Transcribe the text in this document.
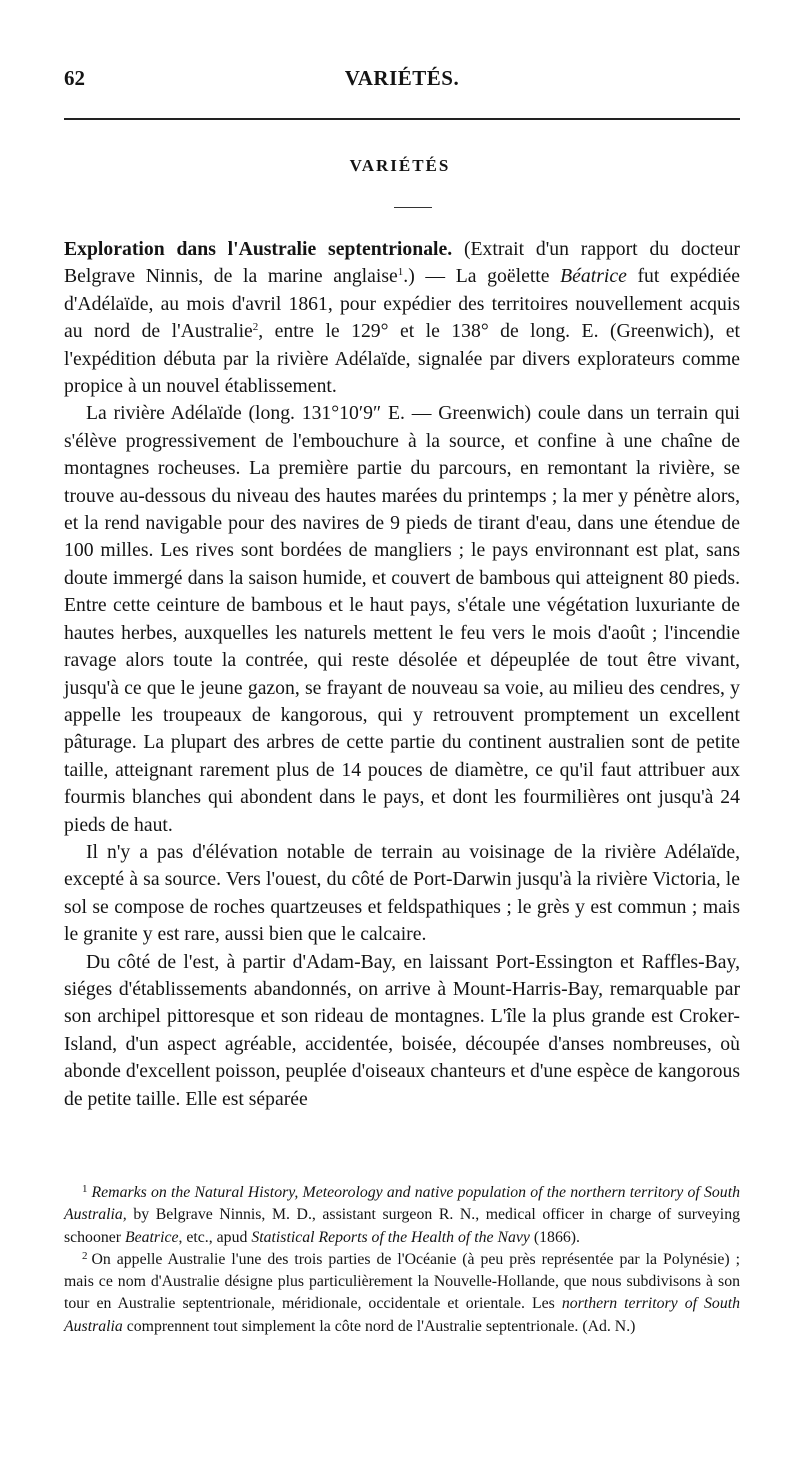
62	VARIÉTÉS.
VARIÉTÉS

Exploration dans l'Australie septentrionale. (Extrait d'un rapport du docteur Belgrave Ninnis, de la marine anglaise$^1$.) — La goëlette Béatrice fut expédiée d'Adélaïde, au mois d'avril 1861, pour expédier des territoires nouvellement acquis au nord de l'Australie$^2$, entre le 129° et le 138° de long. E. (Greenwich), et l'expédition débuta par la rivière Adélaïde, signalée par divers explorateurs comme propice à un nouvel établissement.

La rivière Adélaïde (long. 131°10′9″ E. — Greenwich) coule dans un terrain qui s'élève progressivement de l'embouchure à la source, et confine à une chaîne de montagnes rocheuses. La première partie du parcours, en remontant la rivière, se trouve au-dessous du niveau des hautes marées du printemps ; la mer y pénètre alors, et la rend navigable pour des navires de 9 pieds de tirant d'eau, dans une étendue de 100 milles. Les rives sont bordées de mangliers ; le pays environnant est plat, sans doute immergé dans la saison humide, et couvert de bambous qui atteignent 80 pieds. Entre cette ceinture de bambous et le haut pays, s'étale une végétation luxuriante de hautes herbes, auxquelles les naturels mettent le feu vers le mois d'août ; l'incendie ravage alors toute la contrée, qui reste désolée et dépeuplée de tout être vivant, jusqu'à ce que le jeune gazon, se frayant de nouveau sa voie, au milieu des cendres, y appelle les troupeaux de kangorous, qui y retrouvent promptement un excellent pâturage. La plupart des arbres de cette partie du continent australien sont de petite taille, atteignant rarement plus de 14 pouces de diamètre, ce qu'il faut attribuer aux fourmis blanches qui abondent dans le pays, et dont les fourmilières ont jusqu'à 24 pieds de haut.

Il n'y a pas d'élévation notable de terrain au voisinage de la rivière Adélaïde, excepté à sa source. Vers l'ouest, du côté de Port-Darwin jusqu'à la rivière Victoria, le sol se compose de roches quartzeuses et feldspathiques ; le grès y est commun ; mais le granite y est rare, aussi bien que le calcaire.

Du côté de l'est, à partir d'Adam-Bay, en laissant Port-Essington et Raffles-Bay, siéges d'établissements abandonnés, on arrive à Mount-Harris-Bay, remarquable par son archipel pittoresque et son rideau de montagnes. L'île la plus grande est Croker-Island, d'un aspect agréable, accidentée, boisée, découpée d'anses nombreuses, où abonde d'excellent poisson, peuplée d'oiseaux chanteurs et d'une espèce de kangorous de petite taille. Elle est séparée

$^1$ Remarks on the Natural History, Meteorology and native population of the northern territory of South Australia, by Belgrave Ninnis, M. D., assistant surgeon R. N., medical officer in charge of surveying schooner Beatrice, etc., apud Statistical Reports of the Health of the Navy (1866).

$^2$ On appelle Australie l'une des trois parties de l'Océanie (à peu près représentée par la Polynésie) ; mais ce nom d'Australie désigne plus particulièrement la Nouvelle-Hollande, que nous subdivisons à son tour en Australie septentrionale, méridionale, occidentale et orientale. Les northern territory of South Australia comprennent tout simplement la côte nord de l'Australie septentrionale. (Ad. N.)
